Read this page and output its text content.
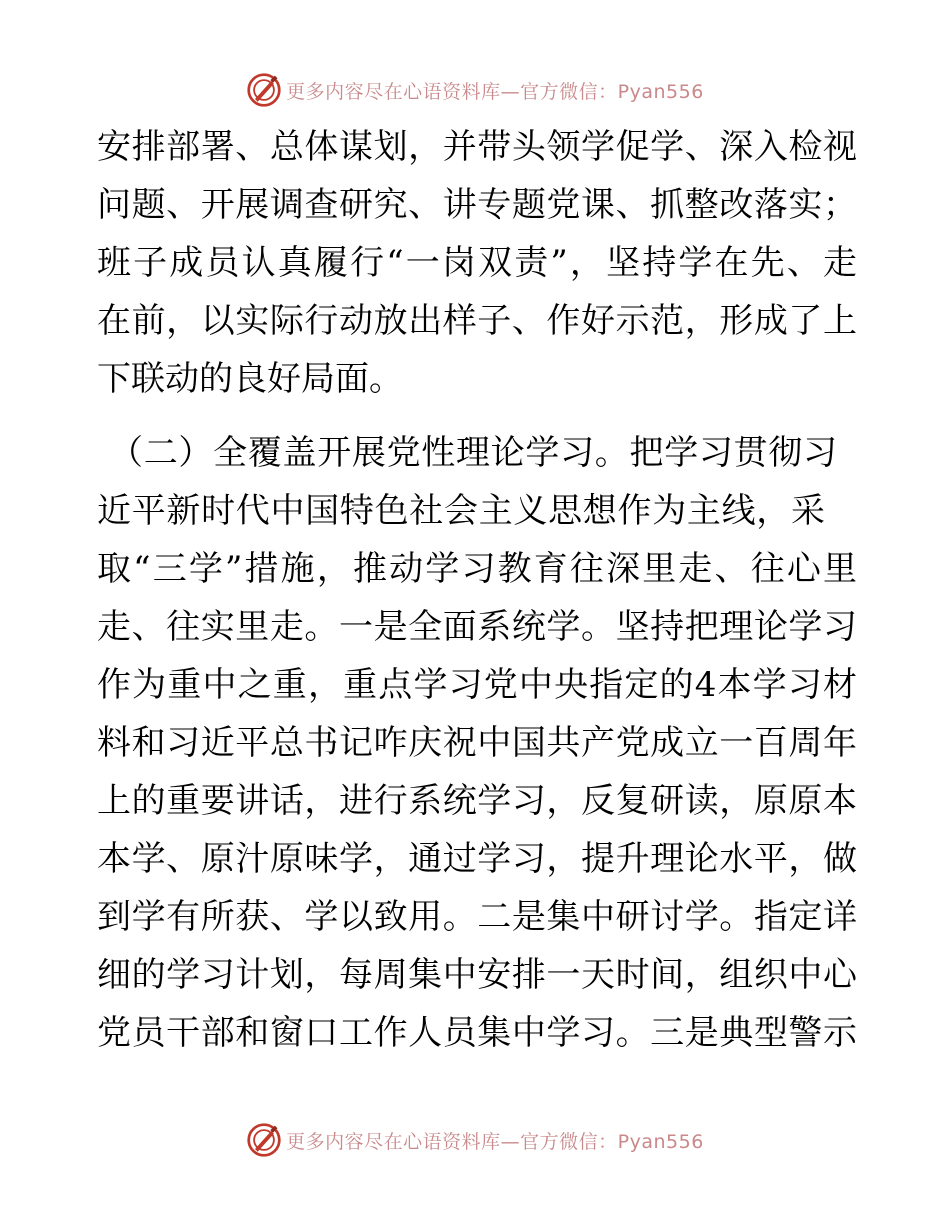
更多内容尽在心语资料库—官方微信：Pyan556
安排部署、总体谋划，并带头领学促学、深入检视
问题、开展调查研究、讲专题党课、抓整改落实；
班子成员认真履行“一岗双责”，坚持学在先、走
在前，以实际行动放出样子、作好示范，形成了上
下联动的良好局面。
（二）全覆盖开展党性理论学习。把学习贯彻习
近平新时代中国特色社会主义思想作为主线，采
取“三学”措施，推动学习教育往深里走、往心里
走、往实里走。一是全面系统学。坚持把理论学习
作为重中之重，重点学习党中央指定的4本学习材
料和习近平总书记咋庆祝中国共产党成立一百周年
上的重要讲话，进行系统学习，反复研读，原原本
本学、原汁原味学，通过学习，提升理论水平，做
到学有所获、学以致用。二是集中研讨学。指定详
细的学习计划，每周集中安排一天时间，组织中心
党员干部和窗口工作人员集中学习。三是典型警示
更多内容尽在心语资料库—官方微信：Pyan556
